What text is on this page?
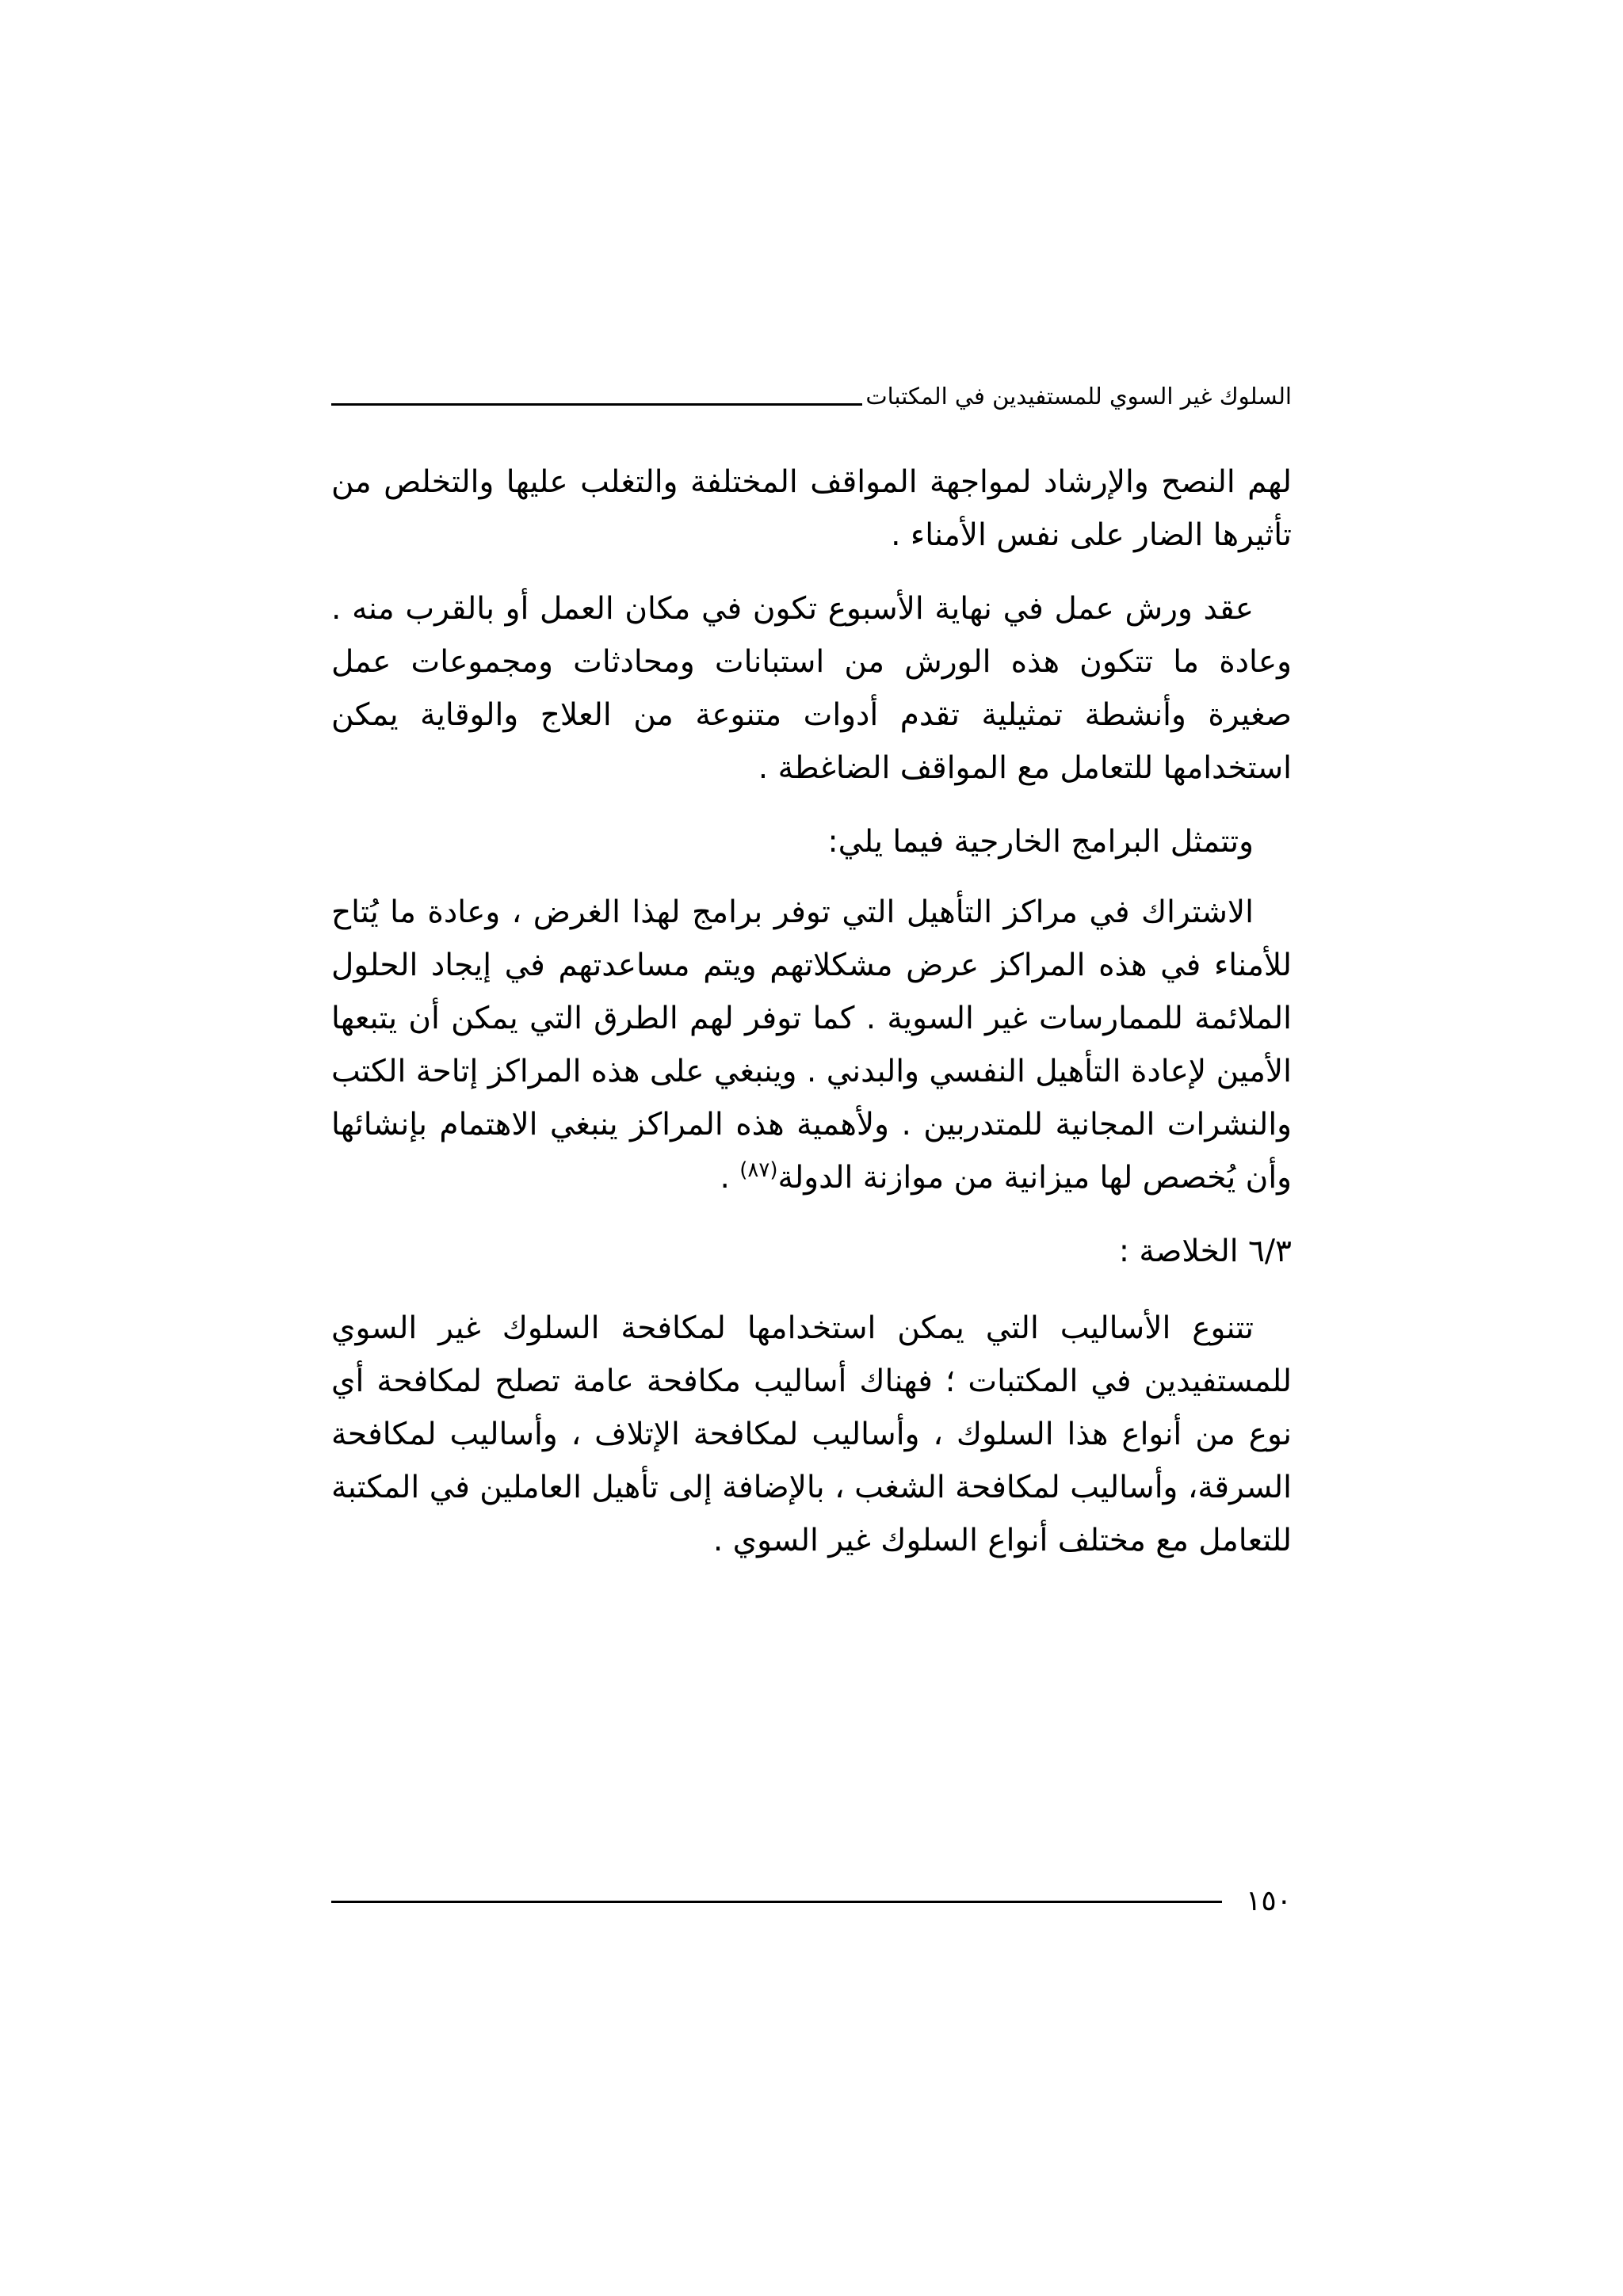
السلوك غير السوي للمستفيدين في المكتبات

لهم النصح والإرشاد لمواجهة المواقف المختلفة والتغلب عليها والتخلص من تأثيرها الضار على نفس الأمناء .

عقد ورش عمل في نهاية الأسبوع تكون في مكان العمل أو بالقرب منه . وعادة ما تتكون هذه الورش من استبانات ومحادثات ومجموعات عمل صغيرة وأنشطة تمثيلية تقدم أدوات متنوعة من العلاج والوقاية يمكن استخدامها للتعامل مع المواقف الضاغطة .

وتتمثل البرامج الخارجية فيما يلي:

الاشتراك في مراكز التأهيل التي توفر برامج لهذا الغرض ، وعادة ما يُتاح للأمناء في هذه المراكز عرض مشكلاتهم ويتم مساعدتهم في إيجاد الحلول الملائمة للممارسات غير السوية . كما توفر لهم الطرق التي يمكن أن يتبعها الأمين لإعادة التأهيل النفسي والبدني . وينبغي على هذه المراكز إتاحة الكتب والنشرات المجانية للمتدربين . ولأهمية هذه المراكز ينبغي الاهتمام بإنشائها وأن يُخصص لها ميزانية من موازنة الدولة$^{(٨٧)}$ .

٦/٣ الخلاصة :

تتنوع الأساليب التي يمكن استخدامها لمكافحة السلوك غير السوي للمستفيدين في المكتبات ؛ فهناك أساليب مكافحة عامة تصلح لمكافحة أي نوع من أنواع هذا السلوك ، وأساليب لمكافحة الإتلاف ، وأساليب لمكافحة السرقة، وأساليب لمكافحة الشغب ، بالإضافة إلى تأهيل العاملين في المكتبة للتعامل مع مختلف أنواع السلوك غير السوي .

١٥٠
